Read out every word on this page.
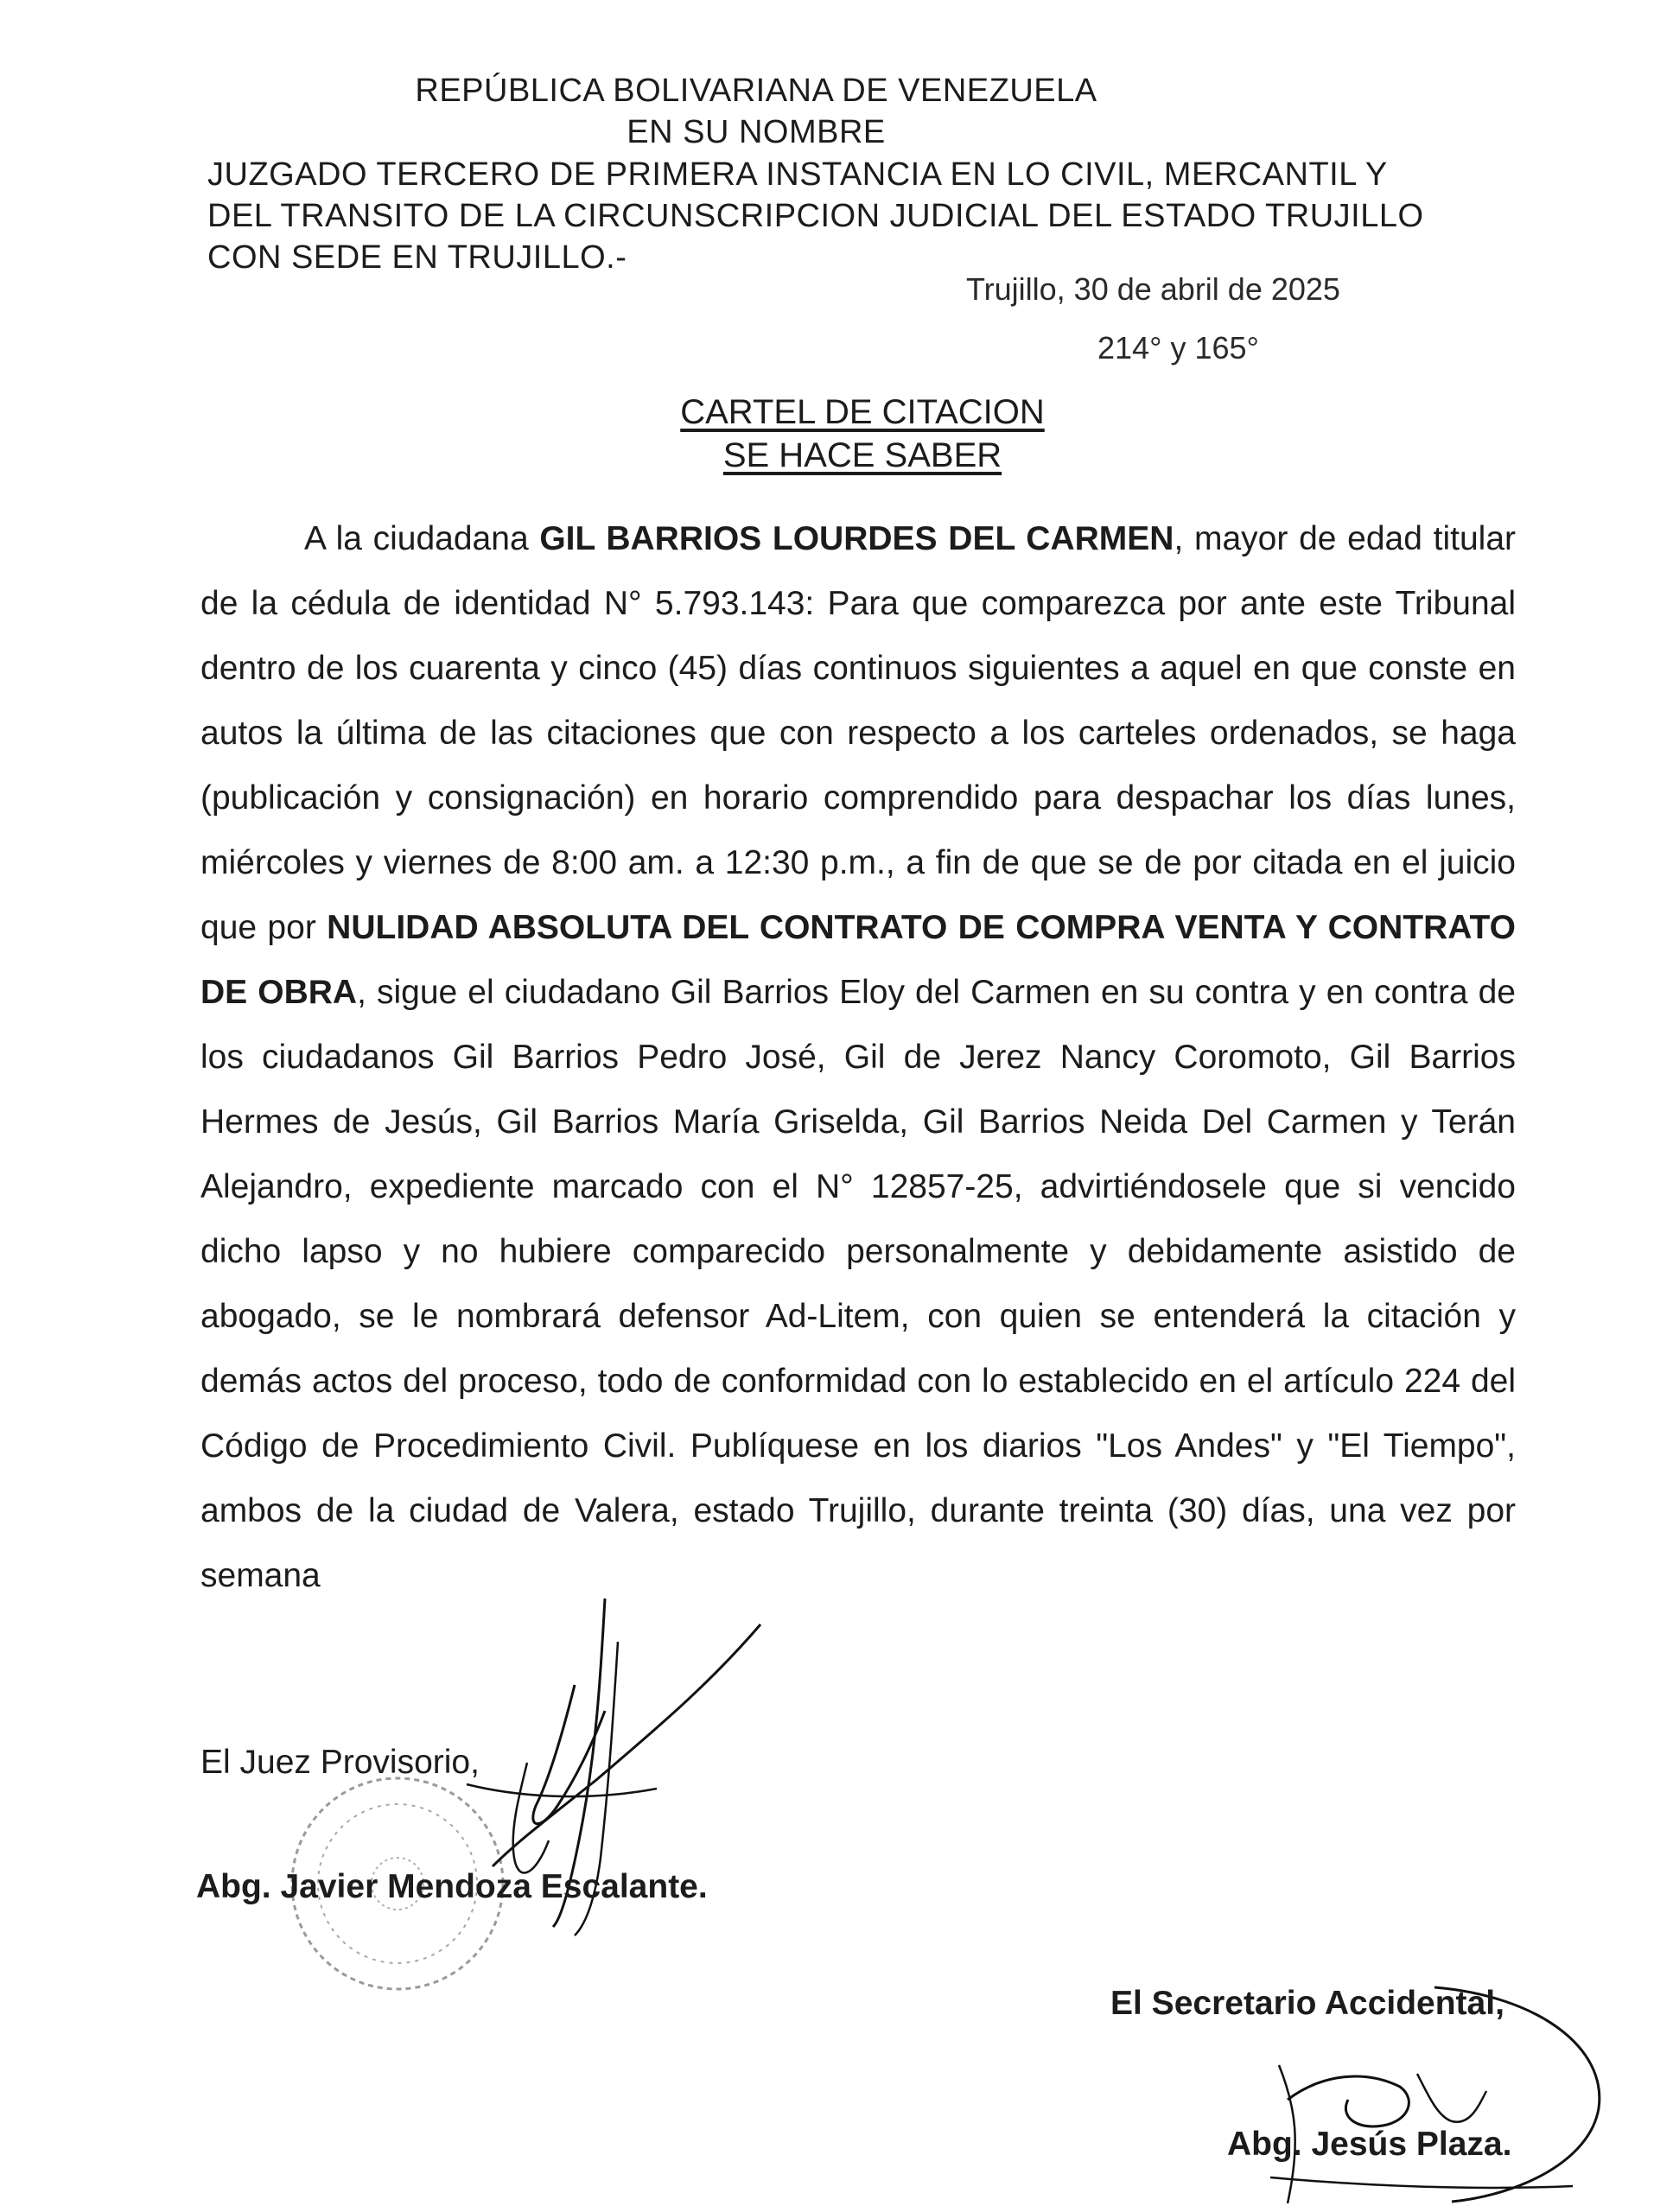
REPÚBLICA BOLIVARIANA DE VENEZUELA
EN SU NOMBRE
JUZGADO TERCERO DE PRIMERA INSTANCIA EN LO CIVIL, MERCANTIL Y
DEL TRANSITO DE LA CIRCUNSCRIPCION JUDICIAL DEL ESTADO TRUJILLO
CON SEDE EN TRUJILLO.-
Trujillo, 30 de abril de 2025
214° y 165°
CARTEL DE CITACION
SE HACE SABER

A la ciudadana GIL BARRIOS LOURDES DEL CARMEN, mayor de edad titular de la cédula de identidad N° 5.793.143: Para que comparezca por ante este Tribunal dentro de los cuarenta y cinco (45) días continuos siguientes a aquel en que conste en autos la última de las citaciones que con respecto a los carteles ordenados, se haga (publicación y consignación) en horario comprendido para despachar los días lunes, miércoles y viernes de 8:00 am. a 12:30 p.m., a fin de que se de por citada en el juicio que por NULIDAD ABSOLUTA DEL CONTRATO DE COMPRA VENTA Y CONTRATO DE OBRA, sigue el ciudadano Gil Barrios Eloy del Carmen en su contra y en contra de los ciudadanos Gil Barrios Pedro José, Gil de Jerez Nancy Coromoto, Gil Barrios Hermes de Jesús, Gil Barrios María Griselda, Gil Barrios Neida Del Carmen y Terán Alejandro, expediente marcado con el N° 12857-25, advirtiéndosele que si vencido dicho lapso y no hubiere comparecido personalmente y debidamente asistido de abogado, se le nombrará defensor Ad-Litem, con quien se entenderá la citación y demás actos del proceso, todo de conformidad con lo establecido en el artículo 224 del Código de Procedimiento Civil. Publíquese en los diarios "Los Andes" y "El Tiempo", ambos de la ciudad de Valera, estado Trujillo, durante treinta (30) días, una vez por semana

El Juez Provisorio,
Abg. Javier Mendoza Escalante.
El Secretario Accidental,
Abg. Jesús Plaza.
